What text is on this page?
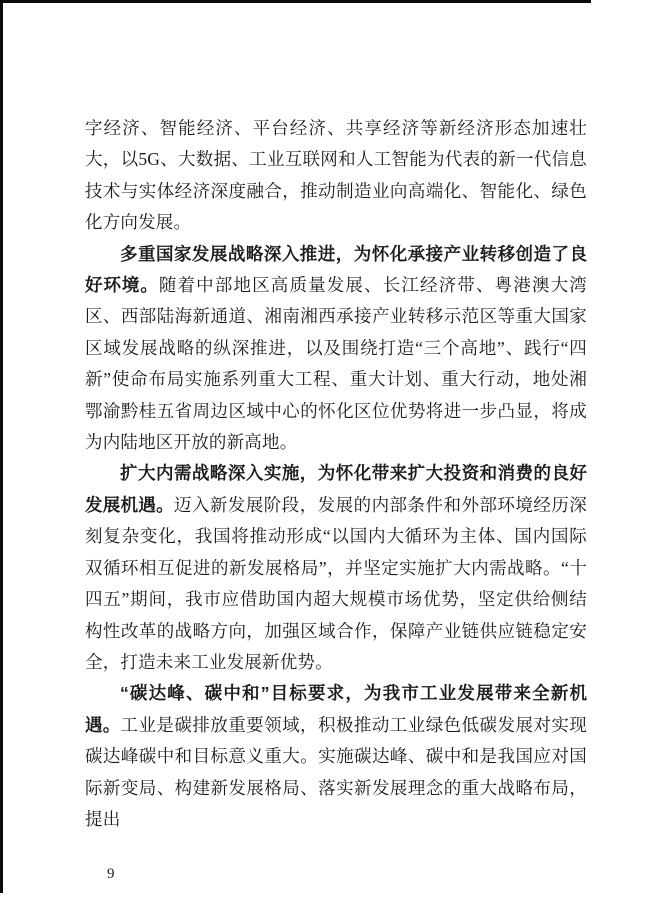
字经济、智能经济、平台经济、共享经济等新经济形态加速壮大，以5G、大数据、工业互联网和人工智能为代表的新一代信息技术与实体经济深度融合，推动制造业向高端化、智能化、绿色化方向发展。

多重国家发展战略深入推进，为怀化承接产业转移创造了良好环境。随着中部地区高质量发展、长江经济带、粤港澳大湾区、西部陆海新通道、湘南湘西承接产业转移示范区等重大国家区域发展战略的纵深推进，以及围绕打造“三个高地”、践行“四新”使命布局实施系列重大工程、重大计划、重大行动，地处湘鄂渝黔桂五省周边区域中心的怀化区位优势将进一步凸显，将成为内陆地区开放的新高地。

扩大内需战略深入实施，为怀化带来扩大投资和消费的良好发展机遇。迈入新发展阶段，发展的内部条件和外部环境经历深刻复杂变化，我国将推动形成“以国内大循环为主体、国内国际双循环相互促进的新发展格局”，并坚定实施扩大内需战略。“十四五”期间，我市应借助国内超大规模市场优势，坚定供给侧结构性改革的战略方向，加强区域合作，保障产业链供应链稳定安全，打造未来工业发展新优势。

“碳达峰、碳中和”目标要求，为我市工业发展带来全新机遇。工业是碳排放重要领域，积极推动工业绿色低碳发展对实现碳达峰碳中和目标意义重大。实施碳达峰、碳中和是我国应对国际新变局、构建新发展格局、落实新发展理念的重大战略布局，提出

9
